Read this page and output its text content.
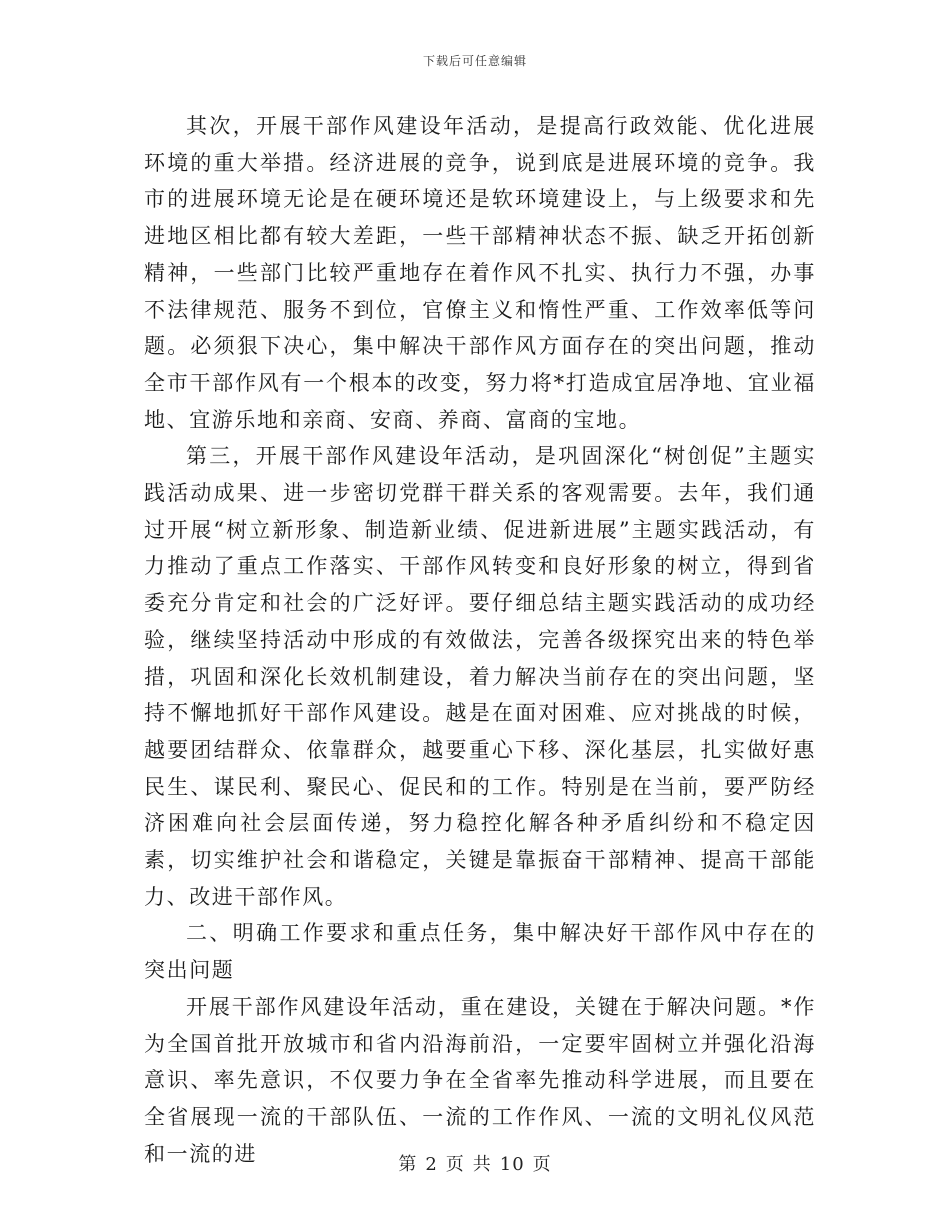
下载后可任意编辑

其次，开展干部作风建设年活动，是提高行政效能、优化进展环境的重大举措。经济进展的竞争，说到底是进展环境的竞争。我市的进展环境无论是在硬环境还是软环境建设上，与上级要求和先进地区相比都有较大差距，一些干部精神状态不振、缺乏开拓创新精神，一些部门比较严重地存在着作风不扎实、执行力不强，办事不法律规范、服务不到位，官僚主义和惰性严重、工作效率低等问题。必须狠下决心，集中解决干部作风方面存在的突出问题，推动全市干部作风有一个根本的改变，努力将*打造成宜居净地、宜业福地、宜游乐地和亲商、安商、养商、富商的宝地。

第三，开展干部作风建设年活动，是巩固深化“树创促”主题实践活动成果、进一步密切党群干群关系的客观需要。去年，我们通过开展“树立新形象、制造新业绩、促进新进展”主题实践活动，有力推动了重点工作落实、干部作风转变和良好形象的树立，得到省委充分肯定和社会的广泛好评。要仔细总结主题实践活动的成功经验，继续坚持活动中形成的有效做法，完善各级探究出来的特色举措，巩固和深化长效机制建设，着力解决当前存在的突出问题，坚持不懈地抓好干部作风建设。越是在面对困难、应对挑战的时候，越要团结群众、依靠群众，越要重心下移、深化基层，扎实做好惠民生、谋民利、聚民心、促民和的工作。特别是在当前，要严防经济困难向社会层面传递，努力稳控化解各种矛盾纠纷和不稳定因素，切实维护社会和谐稳定，关键是靠振奋干部精神、提高干部能力、改进干部作风。

二、明确工作要求和重点任务，集中解决好干部作风中存在的突出问题

开展干部作风建设年活动，重在建设，关键在于解决问题。*作为全国首批开放城市和省内沿海前沿，一定要牢固树立并强化沿海意识、率先意识，不仅要力争在全省率先推动科学进展，而且要在全省展现一流的干部队伍、一流的工作作风、一流的文明礼仪风范和一流的进	第 2 页 共 10 页
